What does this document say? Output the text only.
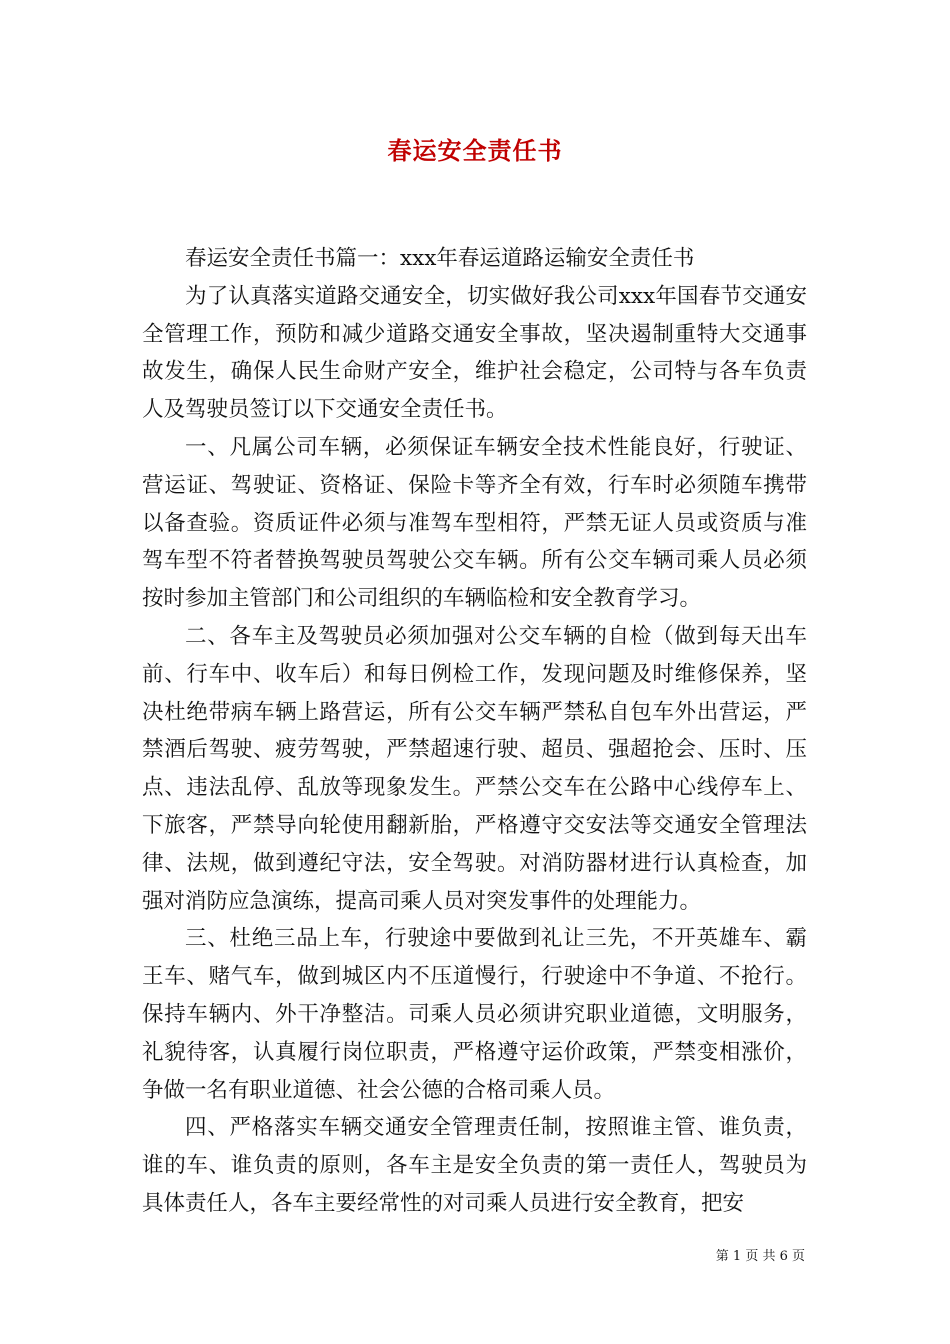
春运安全责任书

春运安全责任书篇一：xxx年春运道路运输安全责任书

为了认真落实道路交通安全，切实做好我公司xxx年国春节交通安全管理工作，预防和减少道路交通安全事故，坚决遏制重特大交通事故发生，确保人民生命财产安全，维护社会稳定，公司特与各车负责人及驾驶员签订以下交通安全责任书。

一、凡属公司车辆，必须保证车辆安全技术性能良好，行驶证、营运证、驾驶证、资格证、保险卡等齐全有效，行车时必须随车携带以备查验。资质证件必须与准驾车型相符，严禁无证人员或资质与准驾车型不符者替换驾驶员驾驶公交车辆。所有公交车辆司乘人员必须按时参加主管部门和公司组织的车辆临检和安全教育学习。

二、各车主及驾驶员必须加强对公交车辆的自检（做到每天出车前、行车中、收车后）和每日例检工作，发现问题及时维修保养，坚决杜绝带病车辆上路营运，所有公交车辆严禁私自包车外出营运，严禁酒后驾驶、疲劳驾驶，严禁超速行驶、超员、强超抢会、压时、压点、违法乱停、乱放等现象发生。严禁公交车在公路中心线停车上、下旅客，严禁导向轮使用翻新胎，严格遵守交安法等交通安全管理法律、法规，做到遵纪守法，安全驾驶。对消防器材进行认真检查，加强对消防应急演练，提高司乘人员对突发事件的处理能力。

三、杜绝三品上车，行驶途中要做到礼让三先，不开英雄车、霸王车、赌气车，做到城区内不压道慢行，行驶途中不争道、不抢行。保持车辆内、外干净整洁。司乘人员必须讲究职业道德，文明服务，礼貌待客，认真履行岗位职责，严格遵守运价政策，严禁变相涨价，争做一名有职业道德、社会公德的合格司乘人员。

四、严格落实车辆交通安全管理责任制，按照谁主管、谁负责，谁的车、谁负责的原则，各车主是安全负责的第一责任人，驾驶员为具体责任人，各车主要经常性的对司乘人员进行安全教育，把安

第 1 页 共 6 页
